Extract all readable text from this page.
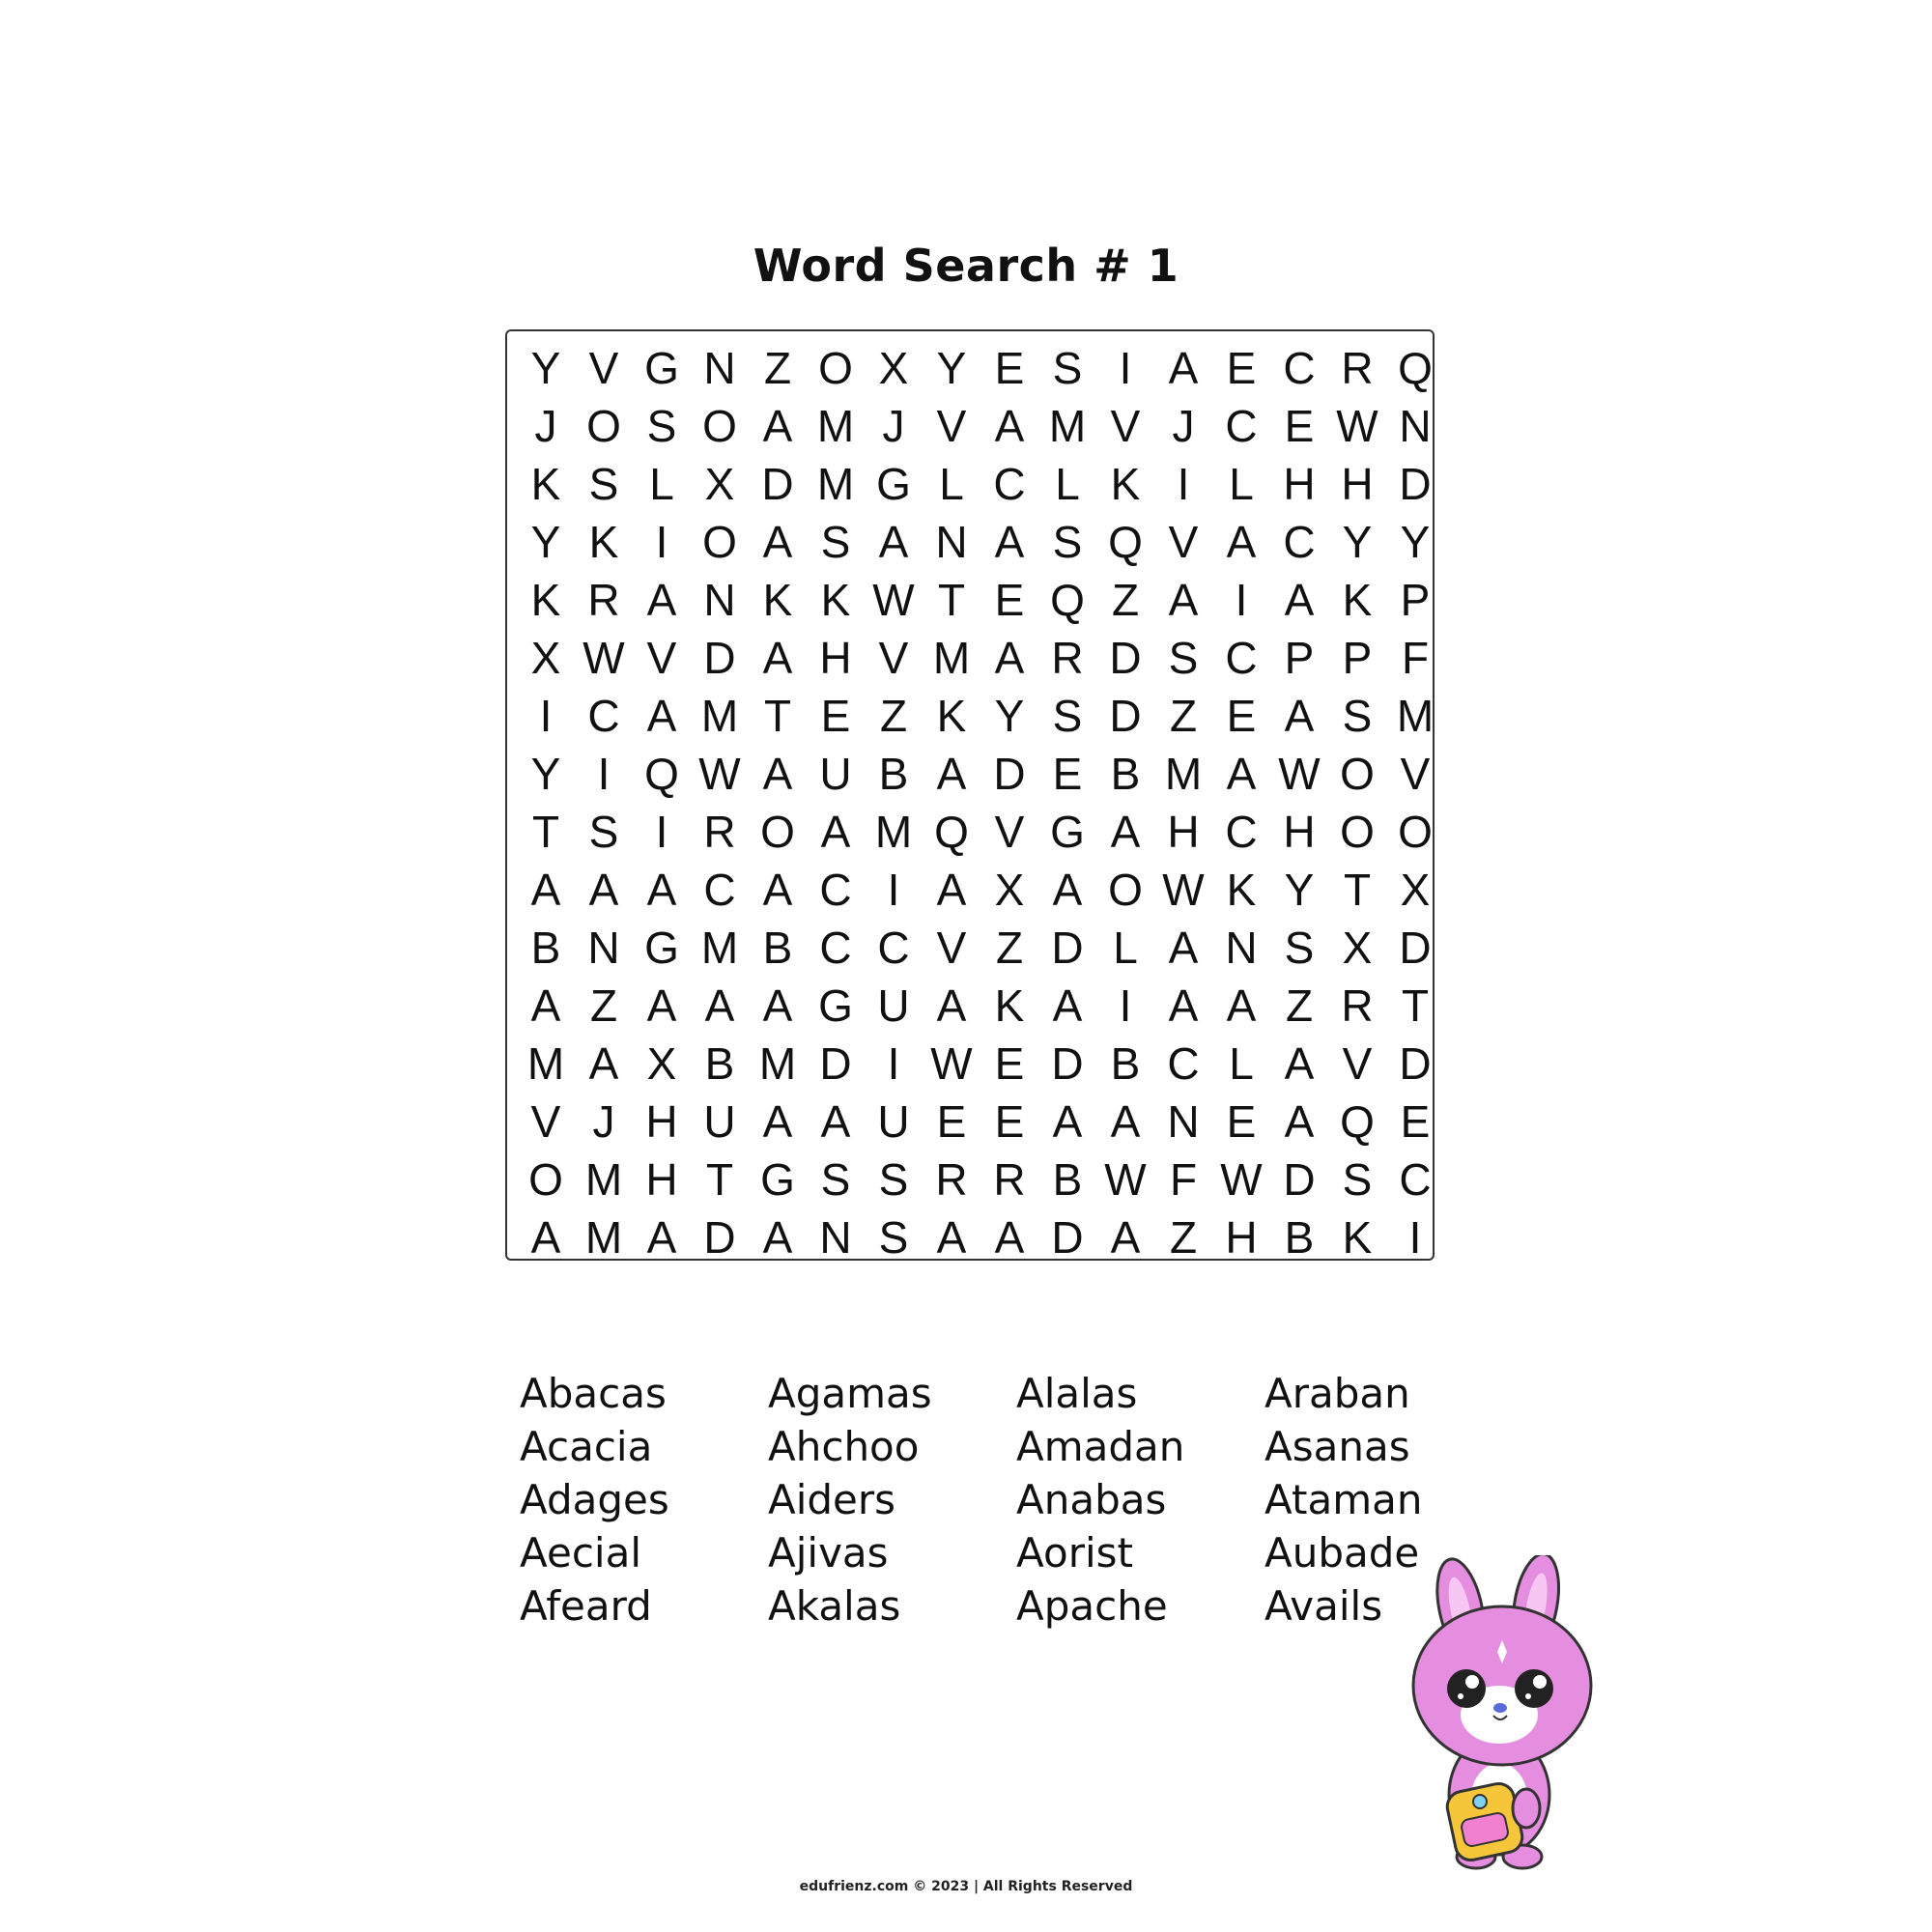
Word Search # 1
Y V G N Z O X Y E S I A E C R Q
J O S O A M J V A M V J C E W N
K S L X D M G L C L K I L H H D
Y K I O A S A N A S Q V A C Y Y
K R A N K K W T E Q Z A I A K P
X W V D A H V M A R D S C P P F
I C A M T E Z K Y S D Z E A S M
Y I Q W A U B A D E B M A W O V
T S I R O A M Q V G A H C H O O
A A A C A C I A X A O W K Y T X
B N G M B C C V Z D L A N S X D
A Z A A A G U A K A I A A Z R T
M A X B M D I W E D B C L A V D
V J H U A A U E E A A N E A Q E
O M H T G S S R R B W F W D S C
A M A D A N S A A D A Z H B K I
Abacas
Acacia
Adages
Aecial
Afeard
Agamas
Ahchoo
Aiders
Ajivas
Akalas
Alalas
Amadan
Anabas
Aorist
Apache
Araban
Asanas
Ataman
Aubade
Avails
edufrienz.com © 2023 | All Rights Reserved
